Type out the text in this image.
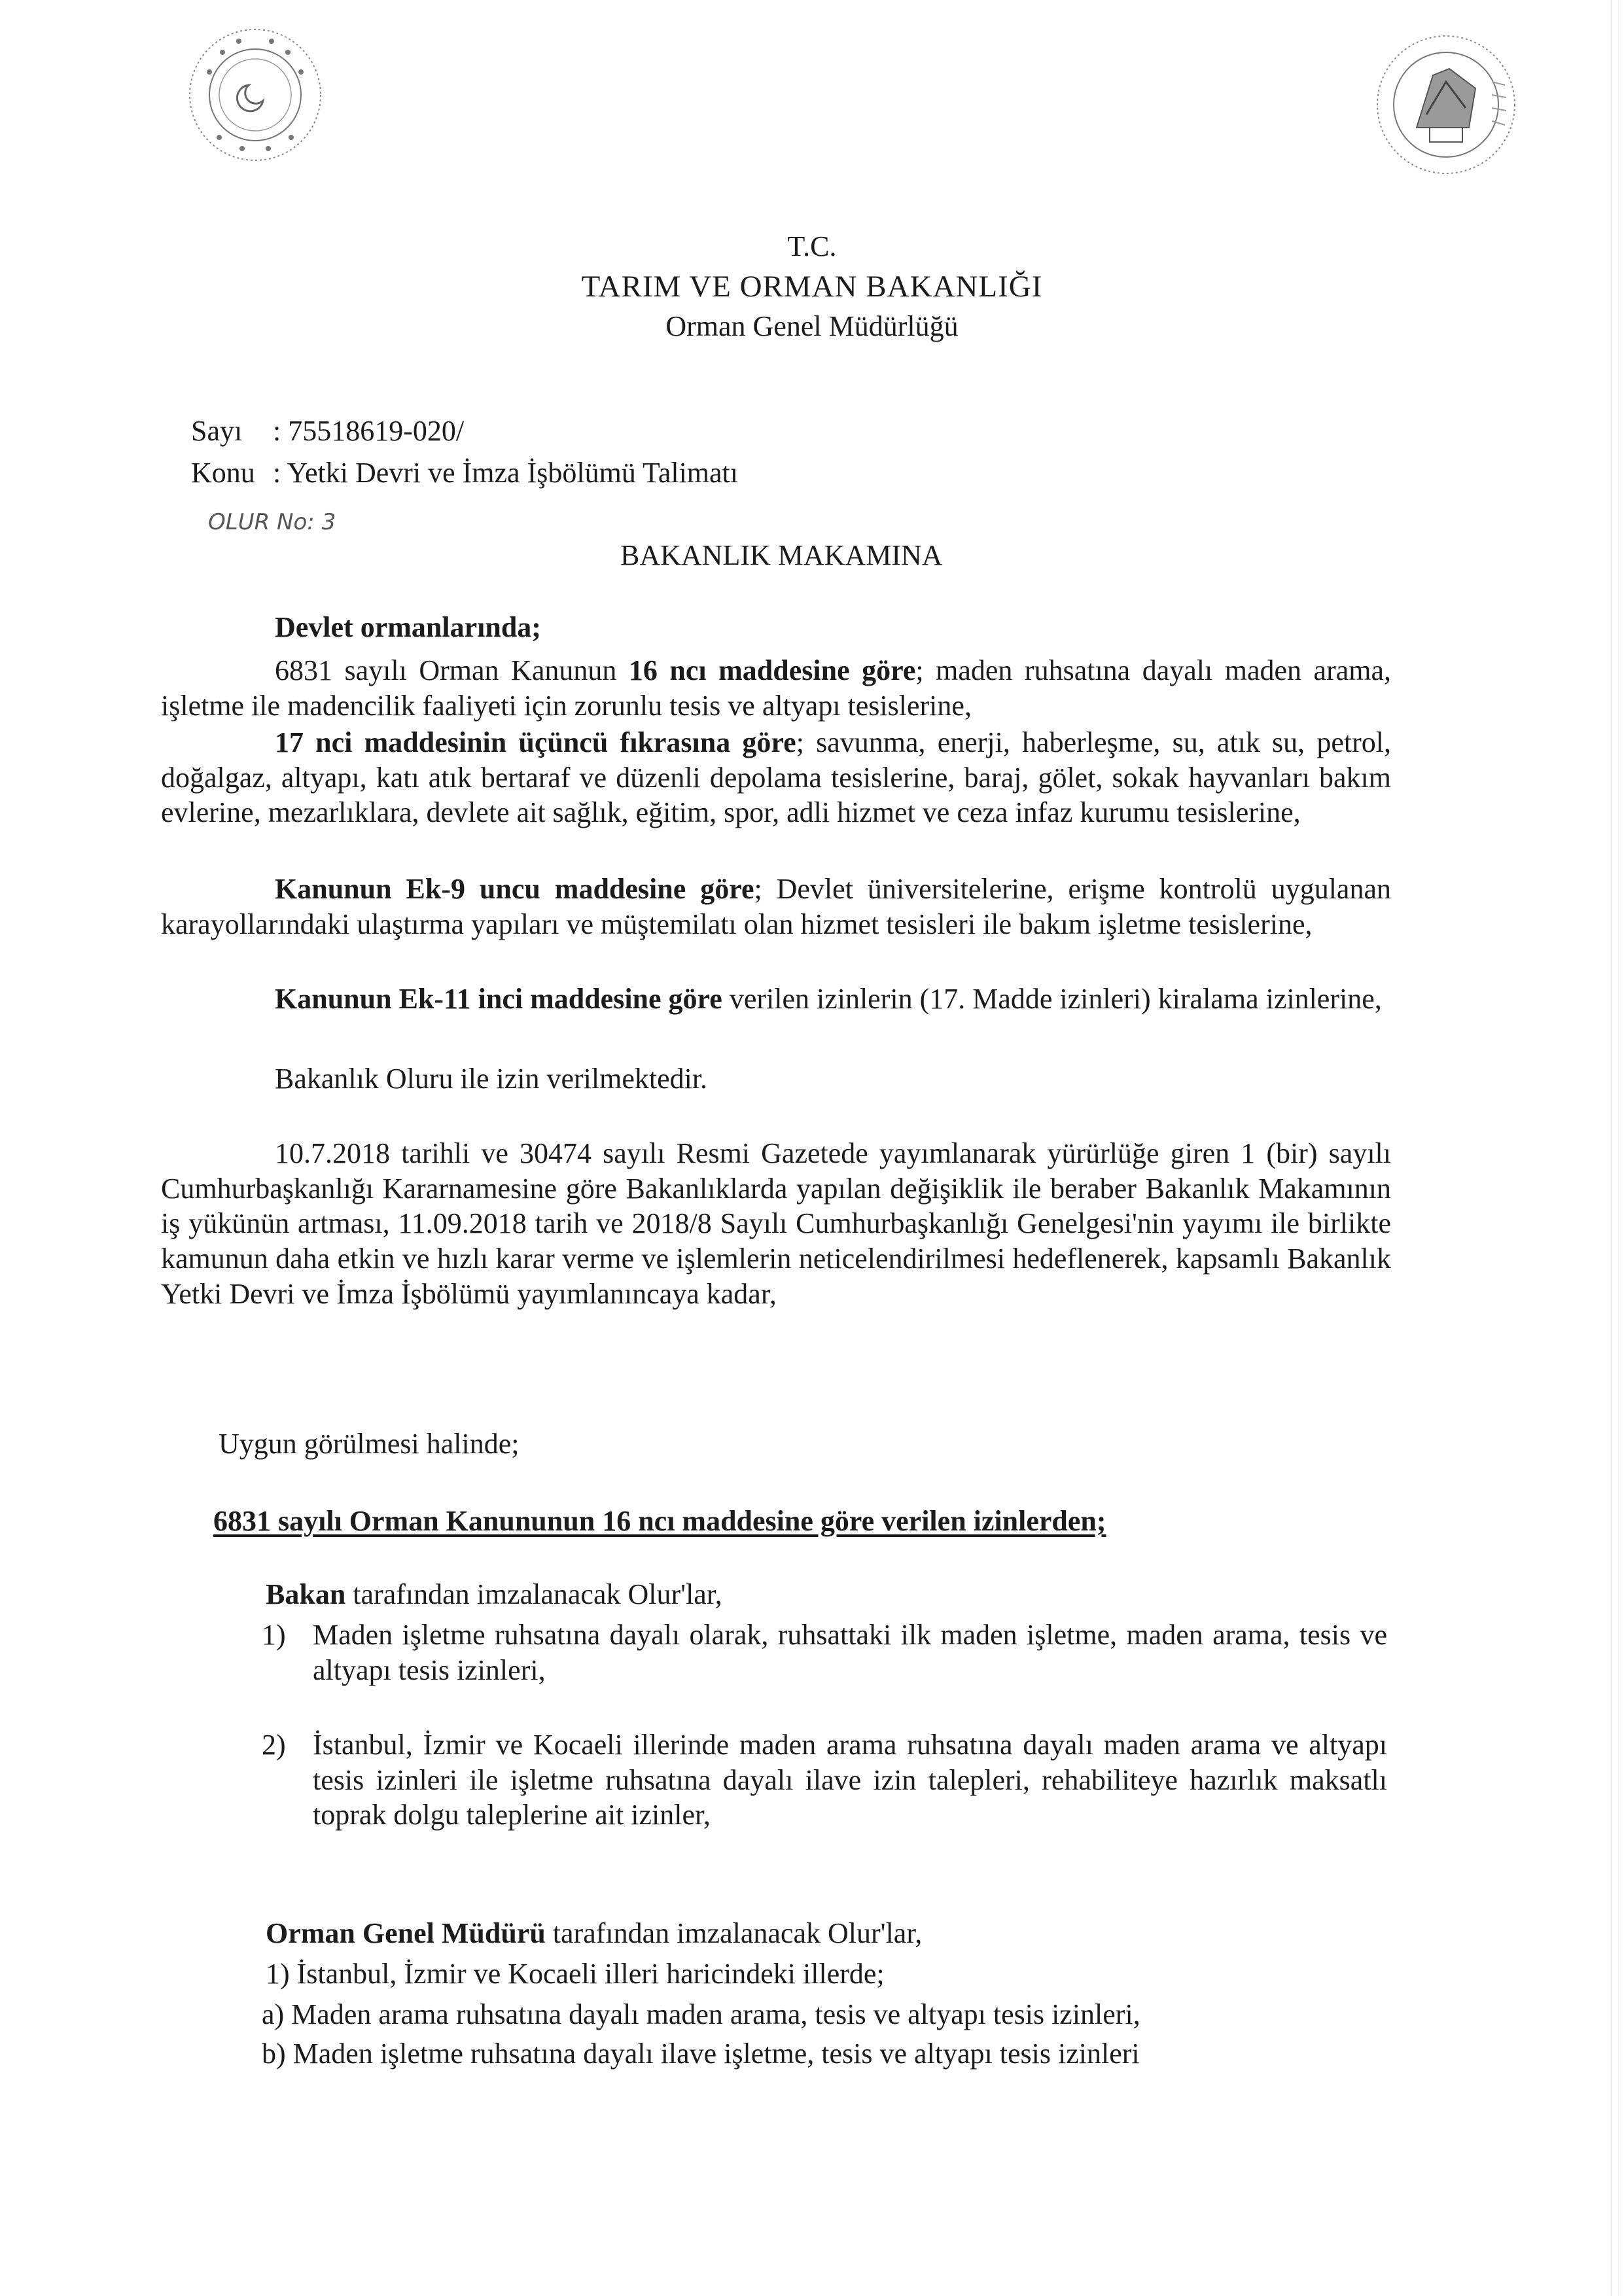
T.C.
TARIM VE ORMAN BAKANLIĞI
Orman Genel Müdürlüğü
Sayı : 75518619-020/
Konu : Yetki Devri ve İmza İşbölümü Talimatı
OLUR No: 3
BAKANLIK MAKAMINA
Devlet ormanlarında;

6831 sayılı Orman Kanunun 16 ncı maddesine göre; maden ruhsatına dayalı maden arama, işletme ile madencilik faaliyeti için zorunlu tesis ve altyapı tesislerine,

17 nci maddesinin üçüncü fıkrasına göre; savunma, enerji, haberleşme, su, atık su, petrol, doğalgaz, altyapı, katı atık bertaraf ve düzenli depolama tesislerine, baraj, gölet, sokak hayvanları bakım evlerine, mezarlıklara, devlete ait sağlık, eğitim, spor, adli hizmet ve ceza infaz kurumu tesislerine,

Kanunun Ek-9 uncu maddesine göre; Devlet üniversitelerine, erişme kontrolü uygulanan karayollarındaki ulaştırma yapıları ve müştemilatı olan hizmet tesisleri ile bakım işletme tesislerine,

Kanunun Ek-11 inci maddesine göre verilen izinlerin (17. Madde izinleri) kiralama izinlerine,

Bakanlık Oluru ile izin verilmektedir.

10.7.2018 tarihli ve 30474 sayılı Resmi Gazetede yayımlanarak yürürlüğe giren 1 (bir) sayılı Cumhurbaşkanlığı Kararnamesine göre Bakanlıklarda yapılan değişiklik ile beraber Bakanlık Makamının iş yükünün artması, 11.09.2018 tarih ve 2018/8 Sayılı Cumhurbaşkanlığı Genelgesi'nin yayımı ile birlikte kamunun daha etkin ve hızlı karar verme ve işlemlerin neticelendirilmesi hedeflenerek, kapsamlı Bakanlık Yetki Devri ve İmza İşbölümü yayımlanıncaya kadar,

Uygun görülmesi halinde;
6831 sayılı Orman Kanununun 16 ncı maddesine göre verilen izinlerden;
Bakan tarafından imzalanacak Olur'lar,
1) Maden işletme ruhsatına dayalı olarak, ruhsattaki ilk maden işletme, maden arama, tesis ve altyapı tesis izinleri,
2) İstanbul, İzmir ve Kocaeli illerinde maden arama ruhsatına dayalı maden arama ve altyapı tesis izinleri ile işletme ruhsatına dayalı ilave izin talepleri, rehabiliteye hazırlık maksatlı toprak dolgu taleplerine ait izinler,
Orman Genel Müdürü tarafından imzalanacak Olur'lar,
1) İstanbul, İzmir ve Kocaeli illeri haricindeki illerde;
a) Maden arama ruhsatına dayalı maden arama, tesis ve altyapı tesis izinleri,
b) Maden işletme ruhsatına dayalı ilave işletme, tesis ve altyapı tesis izinleri
